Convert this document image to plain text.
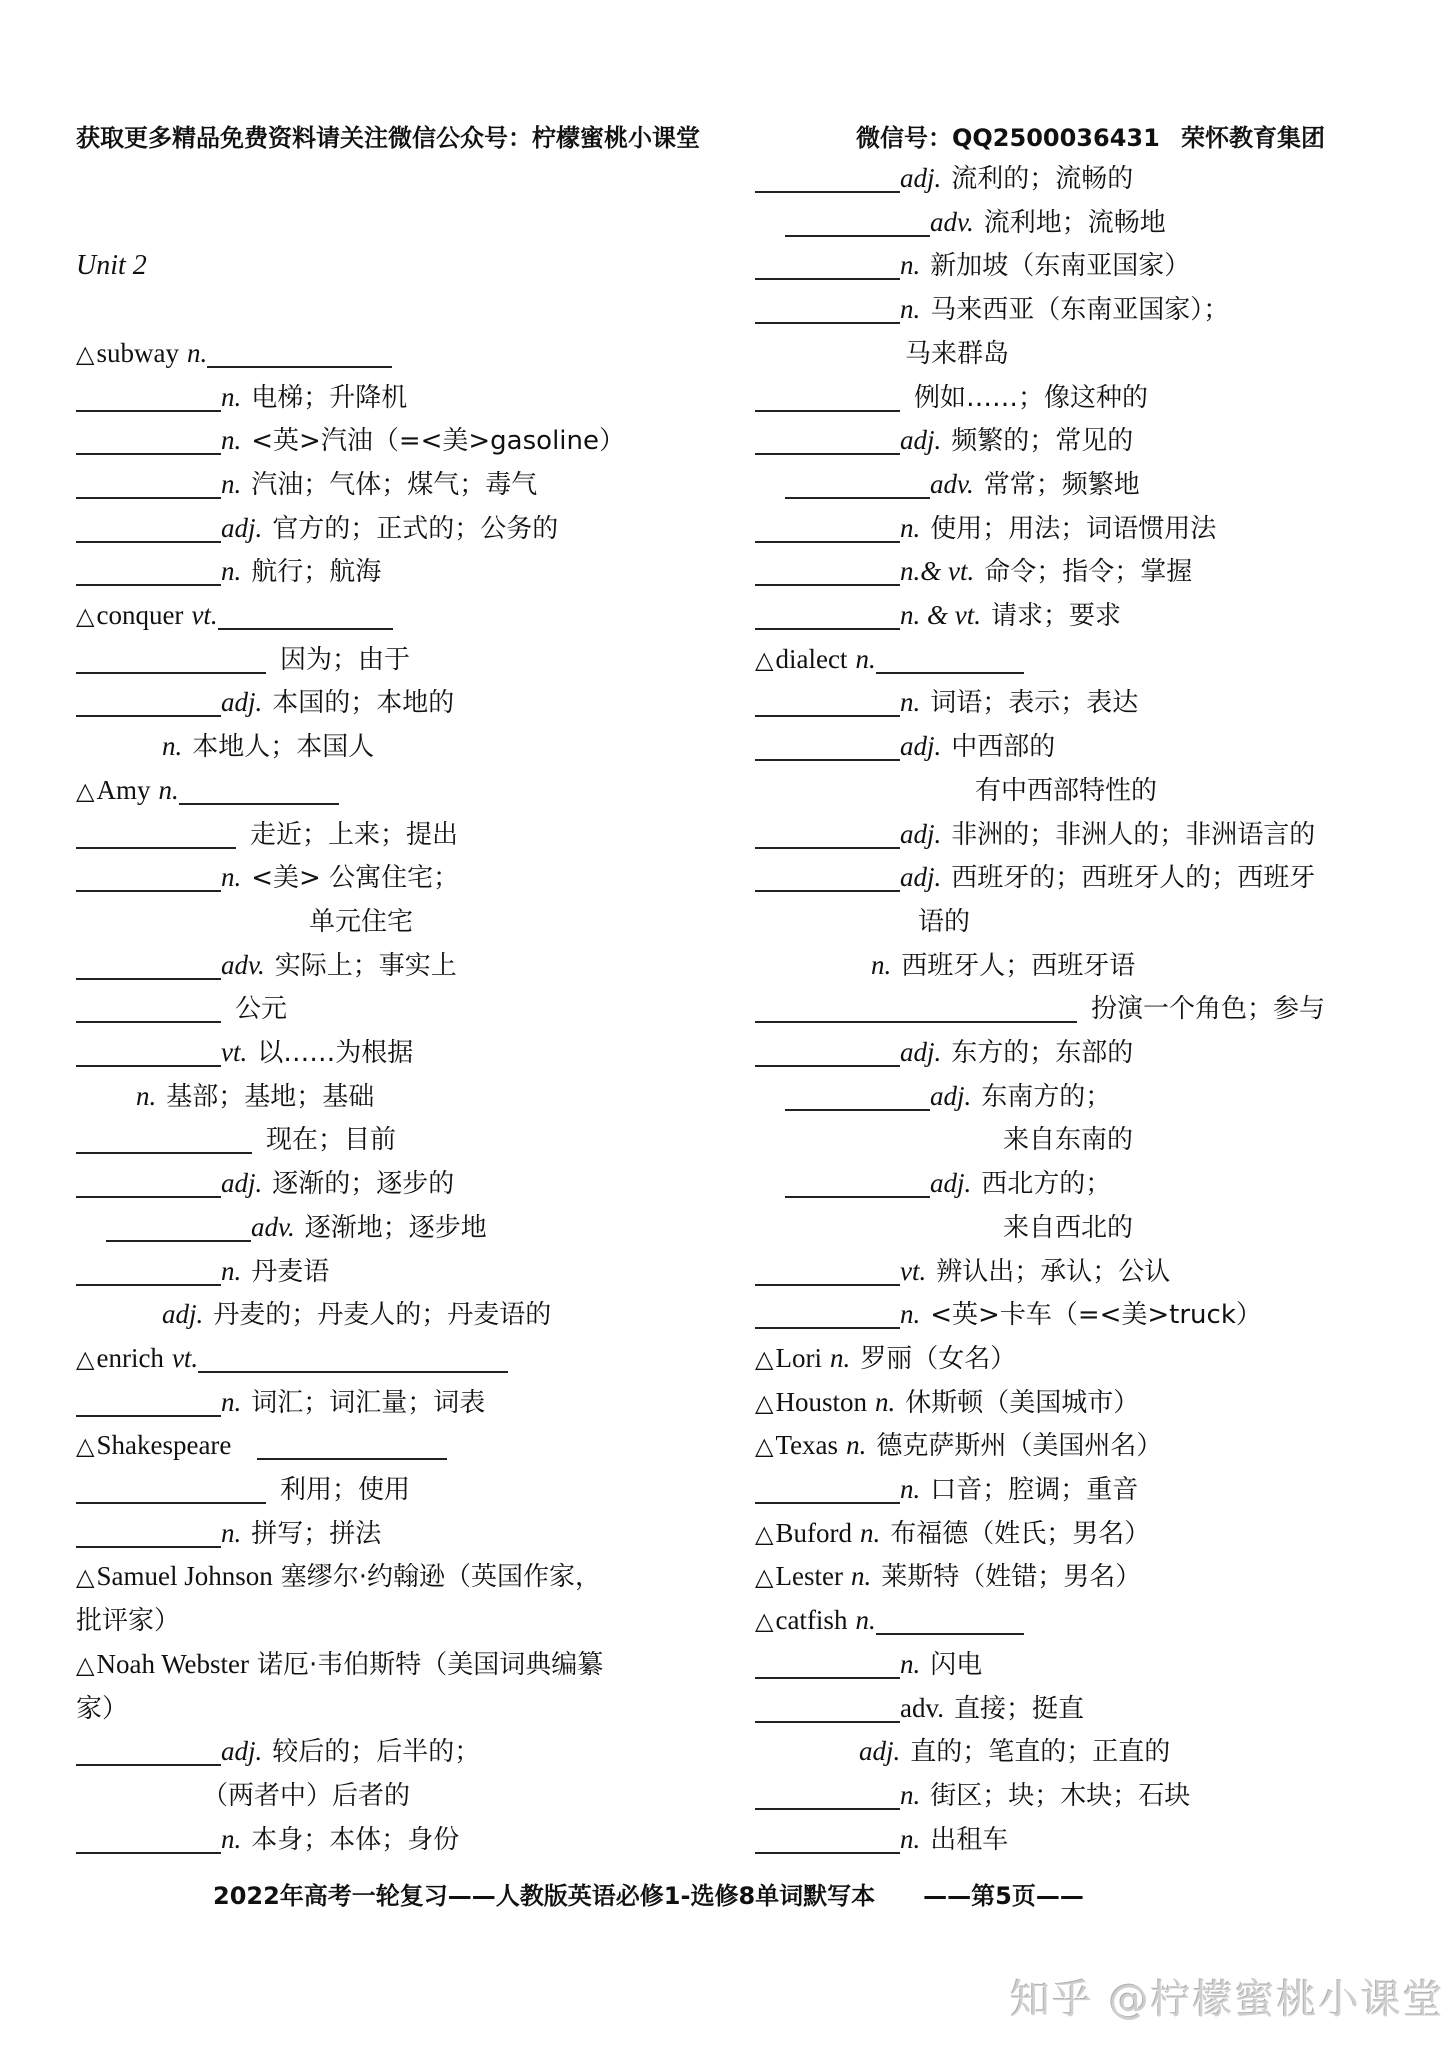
获取更多精品免费资料请关注微信公众号：柠檬蜜桃小课堂	微信号：QQ2500036431 荣怀教育集团
Unit 2
△subway n.
n. 电梯；升降机
n. <英>汽油（=<美>gasoline）
n. 汽油；气体；煤气；毒气
adj. 官方的；正式的；公务的
n. 航行；航海
△conquer vt.
因为；由于
adj. 本国的；本地的
n. 本地人；本国人
△Amy n.
走近；上来；提出
n. <美> 公寓住宅；
单元住宅
adv. 实际上；事实上
公元
vt. 以……为根据
n. 基部；基地；基础
现在；目前
adj. 逐渐的；逐步的
adv. 逐渐地；逐步地
n. 丹麦语
adj. 丹麦的；丹麦人的；丹麦语的
△enrich vt.
n. 词汇；词汇量；词表
△Shakespeare
利用；使用
n. 拼写；拼法
△Samuel Johnson 塞缪尔·约翰逊（英国作家，
批评家）
△Noah Webster 诺厄·韦伯斯特（美国词典编纂
家）
adj. 较后的；后半的；
（两者中）后者的
n. 本身；本体；身份
adj. 流利的；流畅的
adv. 流利地；流畅地
n. 新加坡（东南亚国家）
n. 马来西亚（东南亚国家）；
马来群岛
例如……；像这种的
adj. 频繁的；常见的
adv. 常常；频繁地
n. 使用；用法；词语惯用法
n.& vt. 命令；指令；掌握
n. & vt. 请求；要求
△dialect n.
n. 词语；表示；表达
adj. 中西部的
有中西部特性的
adj. 非洲的；非洲人的；非洲语言的
adj. 西班牙的；西班牙人的；西班牙
语的
n. 西班牙人；西班牙语
扮演一个角色；参与
adj. 东方的；东部的
adj. 东南方的；
来自东南的
adj. 西北方的；
来自西北的
vt. 辨认出；承认；公认
n. <英>卡车（=<美>truck）
△Lori n. 罗丽（女名）
△Houston n. 休斯顿（美国城市）
△Texas n. 德克萨斯州（美国州名）
n. 口音；腔调；重音
△Buford n. 布福德（姓氏；男名）
△Lester n. 莱斯特（姓错；男名）
△catfish n.
n. 闪电
adv. 直接；挺直
adj. 直的；笔直的；正直的
n. 街区；块；木块；石块
n. 出租车
2022年高考一轮复习——人教版英语必修1-选修8单词默写本 ——第5页——
知乎 @柠檬蜜桃小课堂
